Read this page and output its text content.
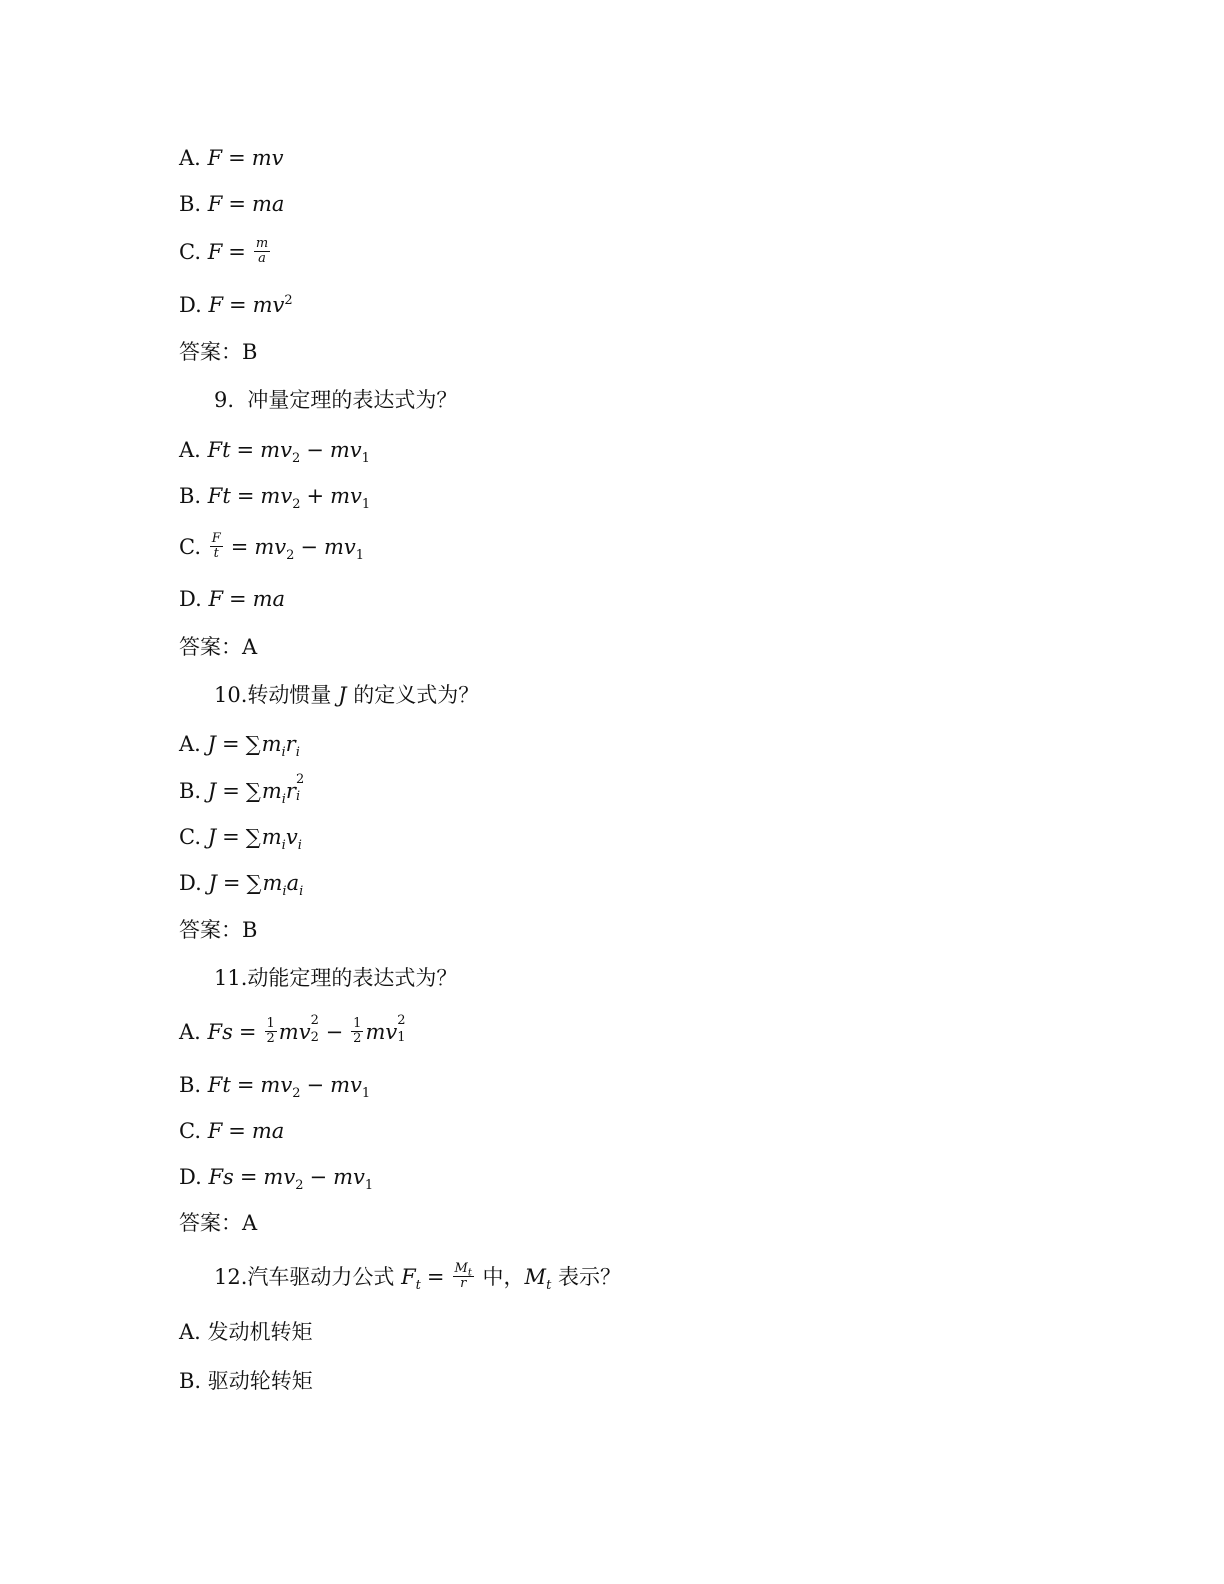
A. F = mv
B. F = ma
C. $F = \frac{m}{a}$
D. $F = mv^2$
答案：B
9. 冲量定理的表达式为？
A. $Ft = mv_2 - mv_1$
B. $Ft = mv_2 + mv_1$
C. $\frac{F}{t} = mv_2 - mv_1$
D. F = ma
答案：A
10.转动惯量 J 的定义式为？
A. $J = \sum m_ir_i$
B. $J = \sum m_ir$ 2
i
C. $J = \sum m_iv_i$
D. $J = \sum m_ia_i$
答案：B
11.动能定理的表达式为？
A. $Fs = \frac{1}{2}$ mv 2
$2 - \frac{1}{2}$ mv 2
1
B. $Ft = mv_2 - mv_1$
C. F = ma
D. $Fs = mv_2 - mv_1$
答案：A
12.汽车驱动力公式 $F_t = \frac{M_t}{r}$ 中，$M_t$ 表示？
A. 发动机转矩
B. 驱动轮转矩
